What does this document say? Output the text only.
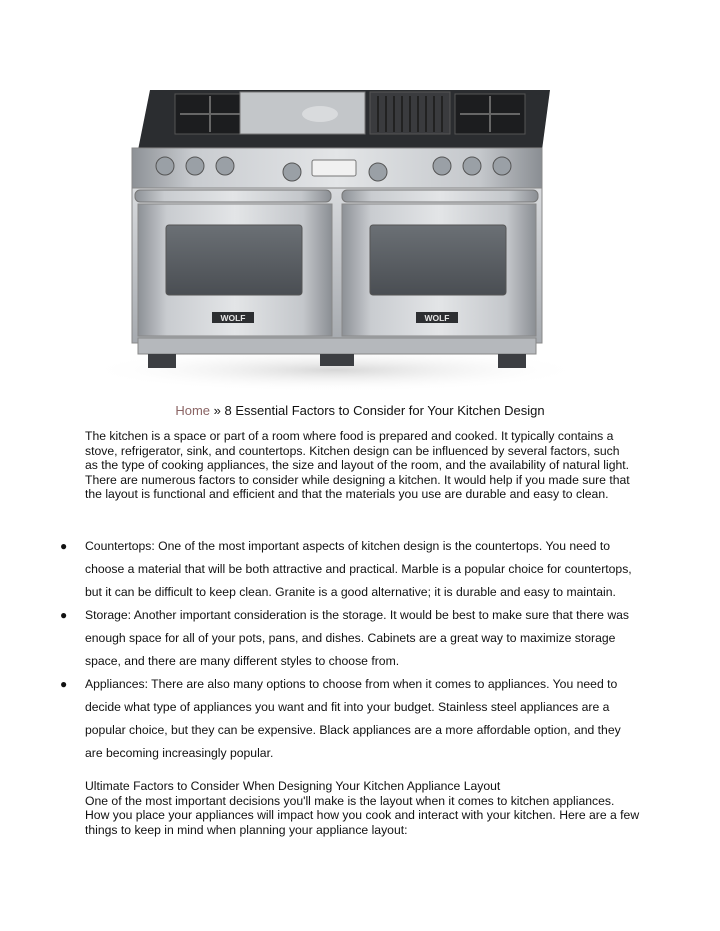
WOLF	WOLF
Home » 8 Essential Factors to Consider for Your Kitchen Design

The kitchen is a space or part of a room where food is prepared and cooked. It typically contains a stove, refrigerator, sink, and countertops. Kitchen design can be influenced by several factors, such as the type of cooking appliances, the size and layout of the room, and the availability of natural light.

There are numerous factors to consider while designing a kitchen. It would help if you made sure that the layout is functional and efficient and that the materials you use are durable and easy to clean.

● Countertops: One of the most important aspects of kitchen design is the countertops. You need to choose a material that will be both attractive and practical. Marble is a popular choice for countertops, but it can be difficult to keep clean. Granite is a good alternative; it is durable and easy to maintain.
● Storage: Another important consideration is the storage. It would be best to make sure that there was enough space for all of your pots, pans, and dishes. Cabinets are a great way to maximize storage space, and there are many different styles to choose from.
● Appliances: There are also many options to choose from when it comes to appliances. You need to decide what type of appliances you want and fit into your budget. Stainless steel appliances are a popular choice, but they can be expensive. Black appliances are a more affordable option, and they are becoming increasingly popular.

Ultimate Factors to Consider When Designing Your Kitchen Appliance Layout

One of the most important decisions you'll make is the layout when it comes to kitchen appliances. How you place your appliances will impact how you cook and interact with your kitchen. Here are a few things to keep in mind when planning your appliance layout:
